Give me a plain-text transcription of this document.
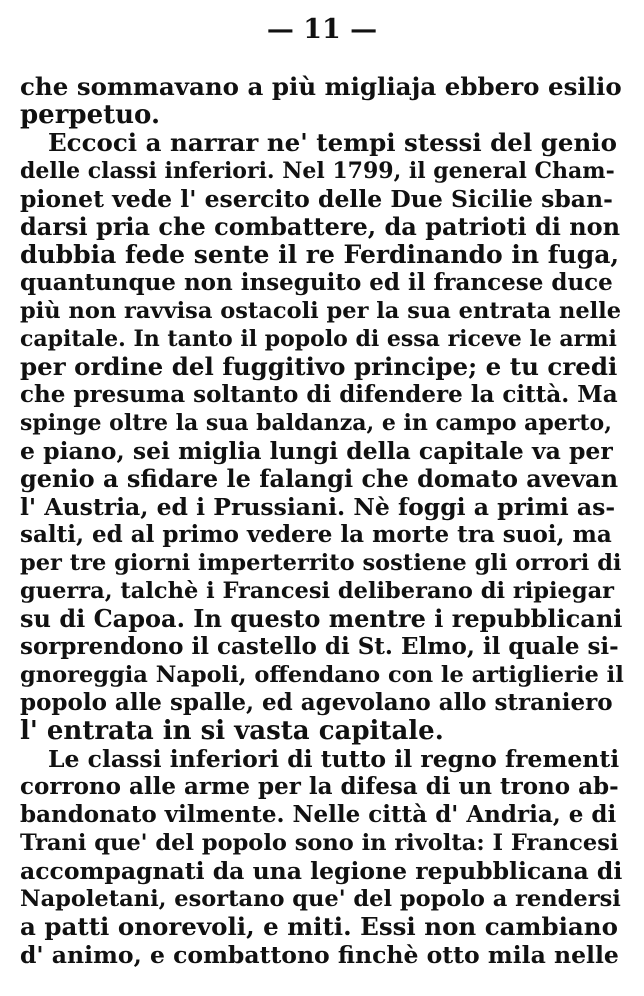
— 11 —
che sommavano a più migliaja ebbero esilio
perpetuo.
Eccoci a narrar ne' tempi stessi del genio
delle classi inferiori. Nel 1799, il general Cham-
pionet vede l' esercito delle Due Sicilie sban-
darsi pria che combattere, da patrioti di non
dubbia fede sente il re Ferdinando in fuga,
quantunque non inseguito ed il francese duce
più non ravvisa ostacoli per la sua entrata nelle
capitale. In tanto il popolo di essa riceve le armi
per ordine del fuggitivo principe; e tu credi
che presuma soltanto di difendere la città. Ma
spinge oltre la sua baldanza, e in campo aperto,
e piano, sei miglia lungi della capitale va per
genio a sfidare le falangi che domato avevan
l' Austria, ed i Prussiani. Nè foggi a primi as-
salti, ed al primo vedere la morte tra suoi, ma
per tre giorni imperterrito sostiene gli orrori di
guerra, talchè i Francesi deliberano di ripiegar
su di Capoa. In questo mentre i repubblicani
sorprendono il castello di St. Elmo, il quale si-
gnoreggia Napoli, offendano con le artiglierie il
popolo alle spalle, ed agevolano allo straniero
l' entrata in si vasta capitale.
Le classi inferiori di tutto il regno frementi
corrono alle arme per la difesa di un trono ab-
bandonato vilmente. Nelle città d' Andria, e di
Trani que' del popolo sono in rivolta: I Francesi
accompagnati da una legione repubblicana di
Napoletani, esortano que' del popolo a rendersi
a patti onorevoli, e miti. Essi non cambiano
d' animo, e combattono finchè otto mila nelle
